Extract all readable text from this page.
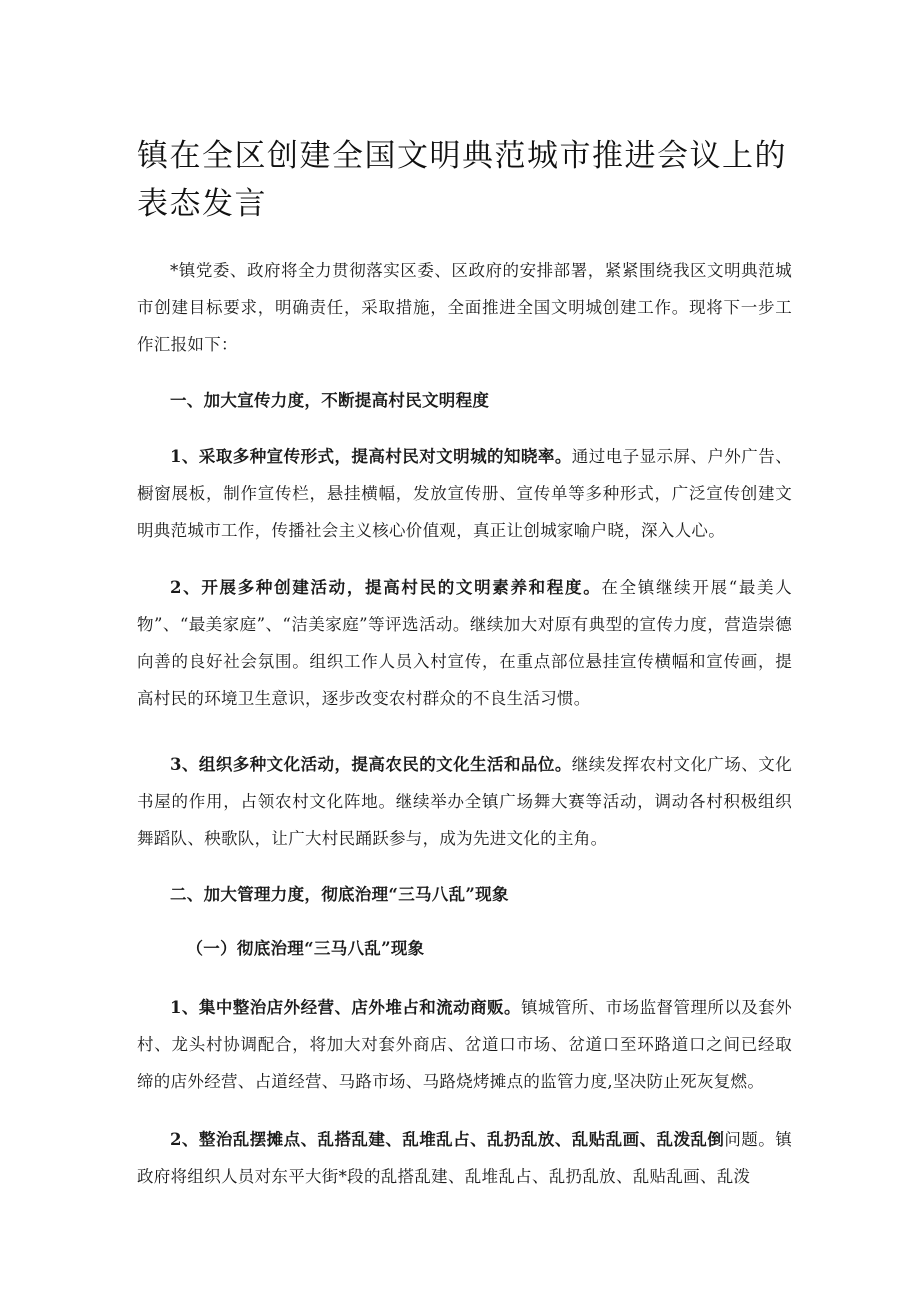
镇在全区创建全国文明典范城市推进会议上的表态发言

*镇党委、政府将全力贯彻落实区委、区政府的安排部署，紧紧围绕我区文明典范城市创建目标要求，明确责任，采取措施，全面推进全国文明城创建工作。现将下一步工作汇报如下：

一、加大宣传力度，不断提高村民文明程度

1、采取多种宣传形式，提高村民对文明城的知晓率。通过电子显示屏、户外广告、橱窗展板，制作宣传栏，悬挂横幅，发放宣传册、宣传单等多种形式，广泛宣传创建文明典范城市工作，传播社会主义核心价值观，真正让创城家喻户晓，深入人心。

2、开展多种创建活动，提高村民的文明素养和程度。在全镇继续开展“最美人物”、“最美家庭”、“洁美家庭”等评选活动。继续加大对原有典型的宣传力度，营造崇德向善的良好社会氛围。组织工作人员入村宣传，在重点部位悬挂宣传横幅和宣传画，提高村民的环境卫生意识，逐步改变农村群众的不良生活习惯。

3、组织多种文化活动，提高农民的文化生活和品位。继续发挥农村文化广场、文化书屋的作用，占领农村文化阵地。继续举办全镇广场舞大赛等活动，调动各村积极组织舞蹈队、秧歌队，让广大村民踊跃参与，成为先进文化的主角。

二、加大管理力度，彻底治理“三马八乱”现象

（一）彻底治理“三马八乱”现象

1、集中整治店外经营、店外堆占和流动商贩。镇城管所、市场监督管理所以及套外村、龙头村协调配合，将加大对套外商店、岔道口市场、岔道口至环路道口之间已经取缔的店外经营、占道经营、马路市场、马路烧烤摊点的监管力度,坚决防止死灰复燃。

2、整治乱摆摊点、乱搭乱建、乱堆乱占、乱扔乱放、乱贴乱画、乱泼乱倒问题。镇政府将组织人员对东平大街*段的乱搭乱建、乱堆乱占、乱扔乱放、乱贴乱画、乱泼
